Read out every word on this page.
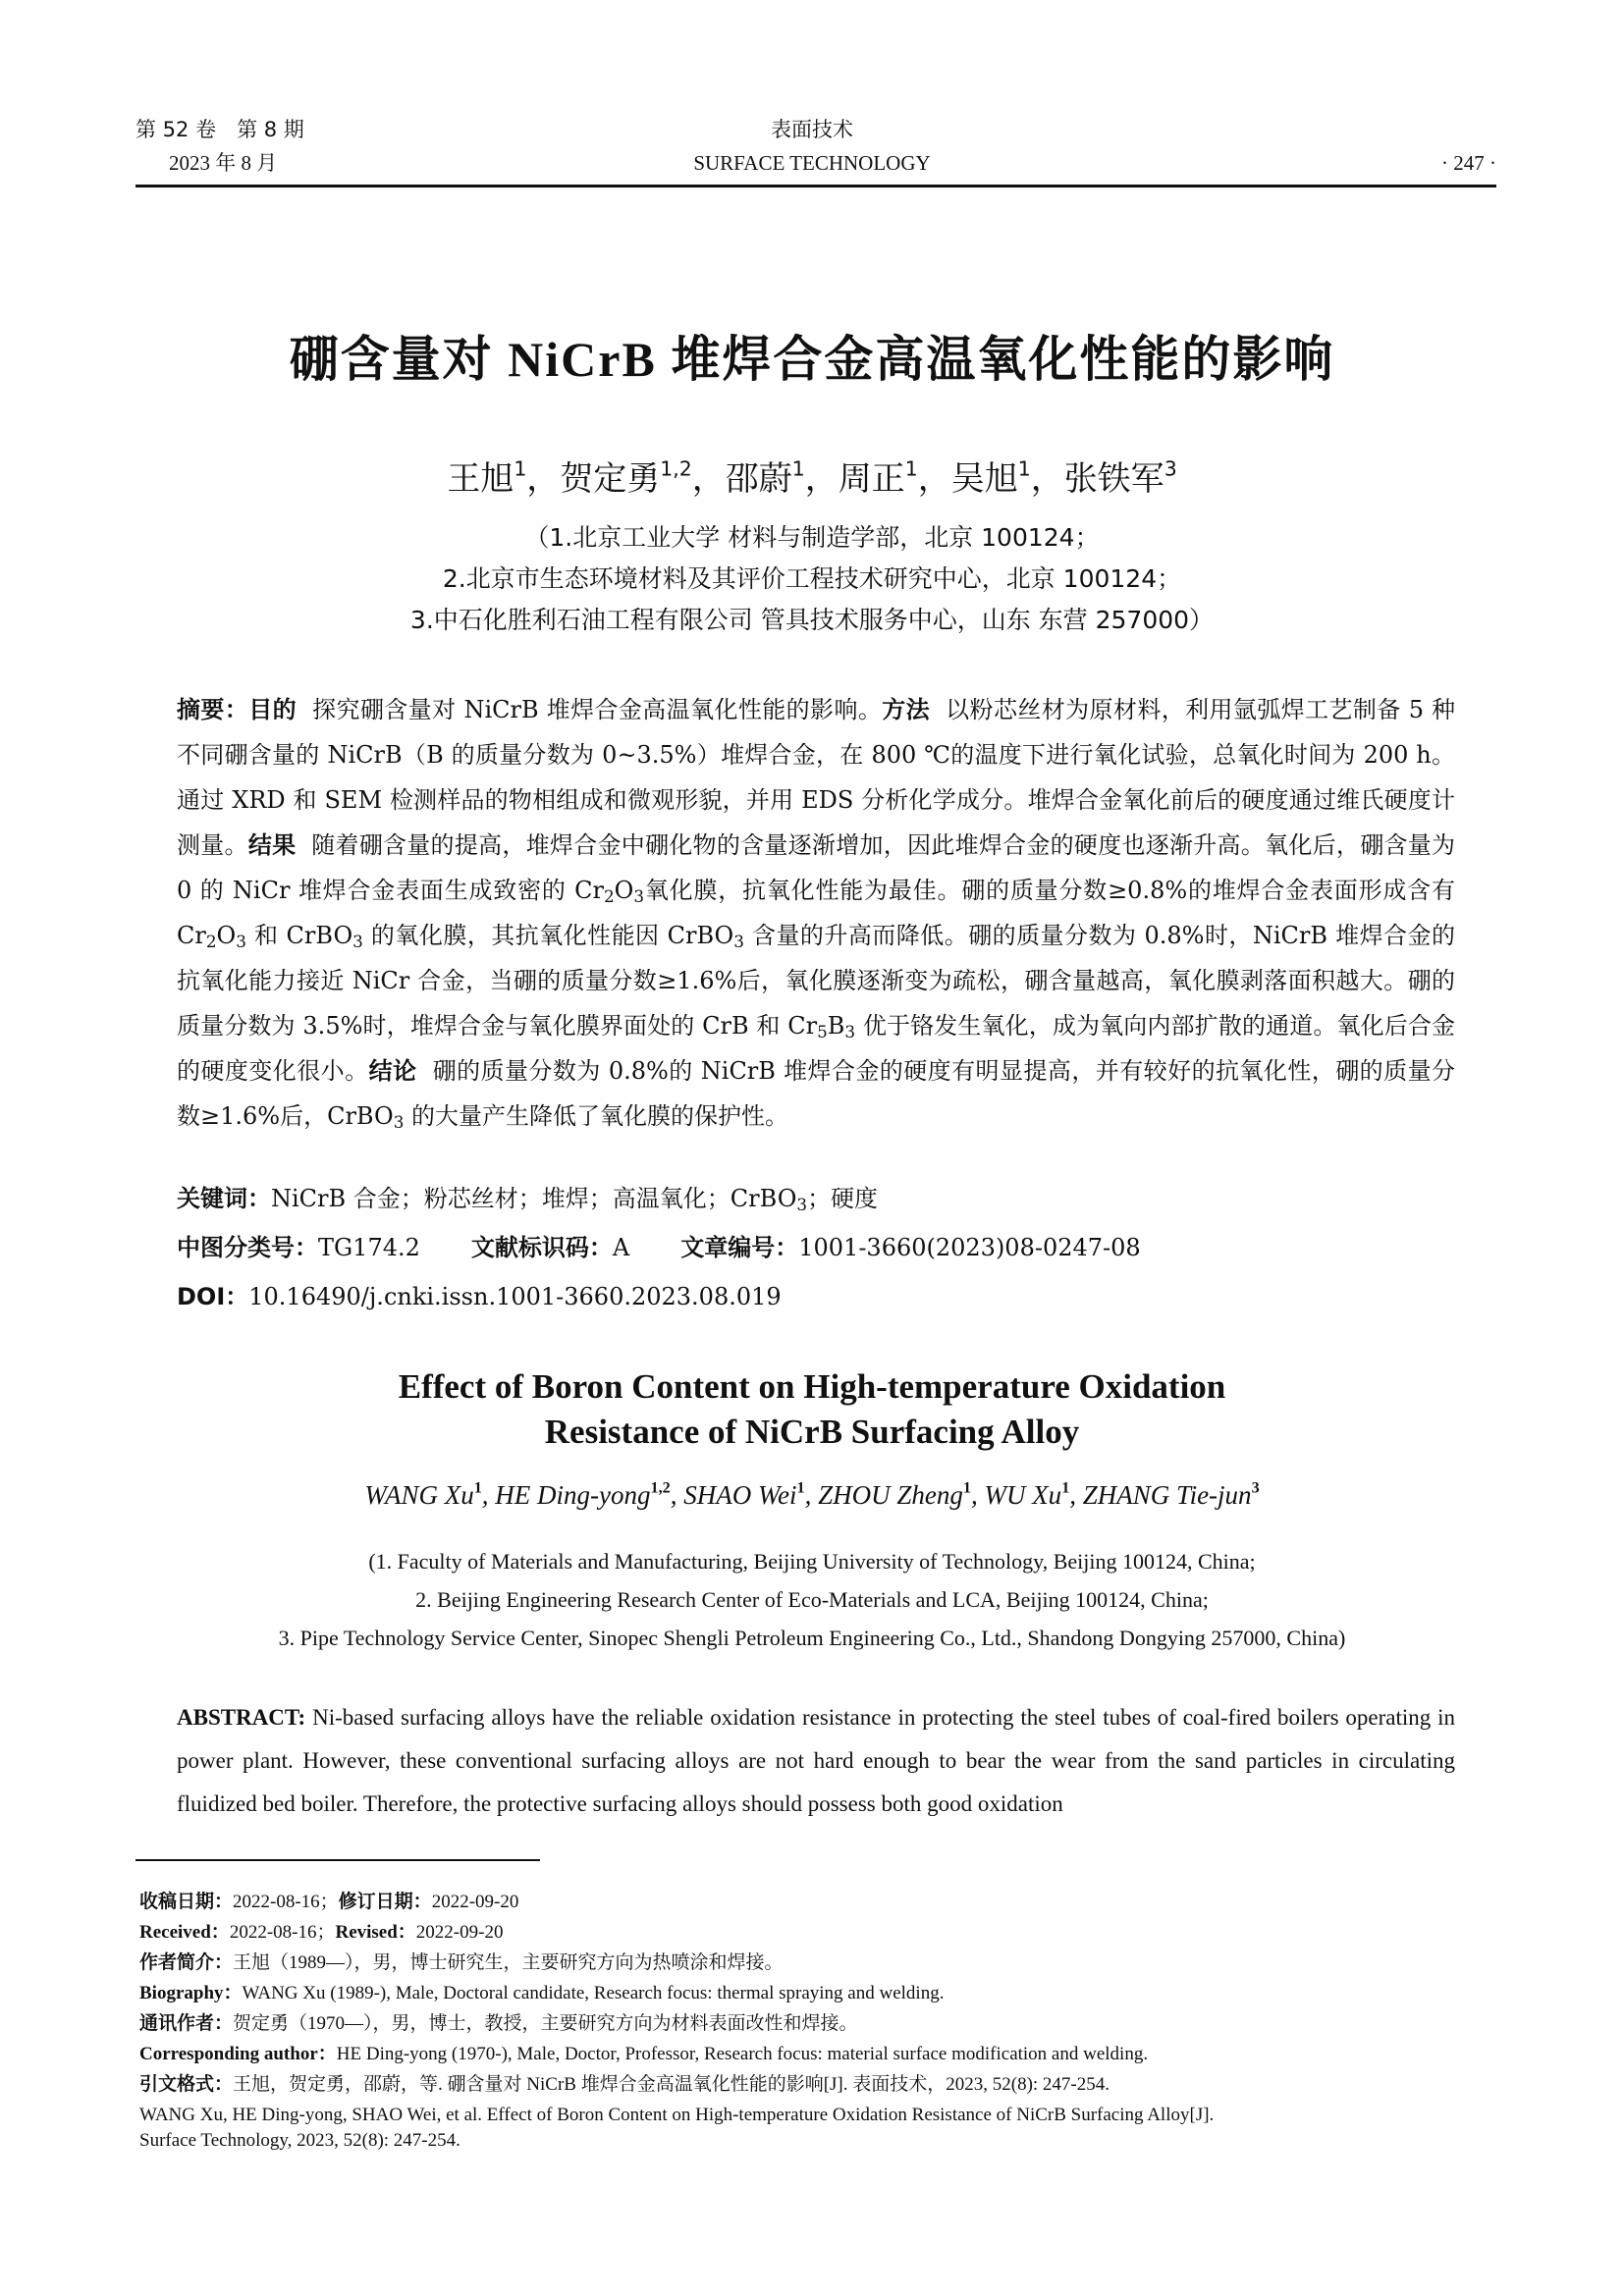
第 52 卷　第 8 期
2023 年 8 月
表面技术
SURFACE TECHNOLOGY	· 247 ·
硼含量对 NiCrB 堆焊合金高温氧化性能的影响
王旭$^1$，贺定勇$^{1,2}$，邵蔚$^1$，周正$^1$，吴旭$^1$，张铁军$^3$
（1.北京工业大学 材料与制造学部，北京 100124；
2.北京市生态环境材料及其评价工程技术研究中心，北京 100124；
3.中石化胜利石油工程有限公司 管具技术服务中心，山东 东营 257000）
摘要：目的 探究硼含量对 NiCrB 堆焊合金高温氧化性能的影响。方法 以粉芯丝材为原材料，利用氩弧焊工艺制备 5 种不同硼含量的 NiCrB（B 的质量分数为 0~3.5%）堆焊合金，在 800 ℃的温度下进行氧化试验，总氧化时间为 200 h。通过 XRD 和 SEM 检测样品的物相组成和微观形貌，并用 EDS 分析化学成分。堆焊合金氧化前后的硬度通过维氏硬度计测量。结果 随着硼含量的提高，堆焊合金中硼化物的含量逐渐增加，因此堆焊合金的硬度也逐渐升高。氧化后，硼含量为 0 的 NiCr 堆焊合金表面生成致密的 $Cr_2O_3$氧化膜，抗氧化性能为最佳。硼的质量分数≥0.8%的堆焊合金表面形成含有 $Cr_2O_3$ 和 CrBO$_3$ 的氧化膜，其抗氧化性能因 CrBO$_3$ 含量的升高而降低。硼的质量分数为 0.8%时，NiCrB 堆焊合金的抗氧化能力接近 NiCr 合金，当硼的质量分数≥1.6%后，氧化膜逐渐变为疏松，硼含量越高，氧化膜剥落面积越大。硼的质量分数为 3.5%时，堆焊合金与氧化膜界面处的 CrB 和 $Cr_5B_3$ 优于铬发生氧化，成为氧向内部扩散的通道。氧化后合金的硬度变化很小。结论 硼的质量分数为 0.8%的 NiCrB 堆焊合金的硬度有明显提高，并有较好的抗氧化性，硼的质量分数≥1.6%后，CrBO$_3$ 的大量产生降低了氧化膜的保护性。
关键词：NiCrB 合金；粉芯丝材；堆焊；高温氧化；CrBO$_3$；硬度
中图分类号：TG174.2 文献标识码：A 文章编号：1001-3660(2023)08-0247-08
DOI：10.16490/j.cnki.issn.1001-3660.2023.08.019
Effect of Boron Content on High-temperature Oxidation
Resistance of NiCrB Surfacing Alloy
WANG Xu$^1$, HE Ding-yong$^{1,2}$, SHAO Wei$^1$, ZHOU Zheng$^1$, WU Xu$^1$, ZHANG Tie-jun$^3$
(1. Faculty of Materials and Manufacturing, Beijing University of Technology, Beijing 100124, China;
2. Beijing Engineering Research Center of Eco-Materials and LCA, Beijing 100124, China;
3. Pipe Technology Service Center, Sinopec Shengli Petroleum Engineering Co., Ltd., Shandong Dongying 257000, China)
ABSTRACT: Ni-based surfacing alloys have the reliable oxidation resistance in protecting the steel tubes of coal-fired boilers operating in power plant. However, these conventional surfacing alloys are not hard enough to bear the wear from the sand particles in circulating fluidized bed boiler. Therefore, the protective surfacing alloys should possess both good oxidation
收稿日期：2022-08-16；修订日期：2022-09-20
Received：2022-08-16；Revised：2022-09-20
作者简介：王旭（1989—），男，博士研究生，主要研究方向为热喷涂和焊接。
Biography：WANG Xu (1989-), Male, Doctoral candidate, Research focus: thermal spraying and welding.
通讯作者：贺定勇（1970—），男，博士，教授，主要研究方向为材料表面改性和焊接。
Corresponding author：HE Ding-yong (1970-), Male, Doctor, Professor, Research focus: material surface modification and welding.
引文格式：王旭，贺定勇，邵蔚，等. 硼含量对 NiCrB 堆焊合金高温氧化性能的影响[J]. 表面技术，2023, 52(8): 247-254.
WANG Xu, HE Ding-yong, SHAO Wei, et al. Effect of Boron Content on High-temperature Oxidation Resistance of NiCrB Surfacing Alloy[J].
Surface Technology, 2023, 52(8): 247-254.
